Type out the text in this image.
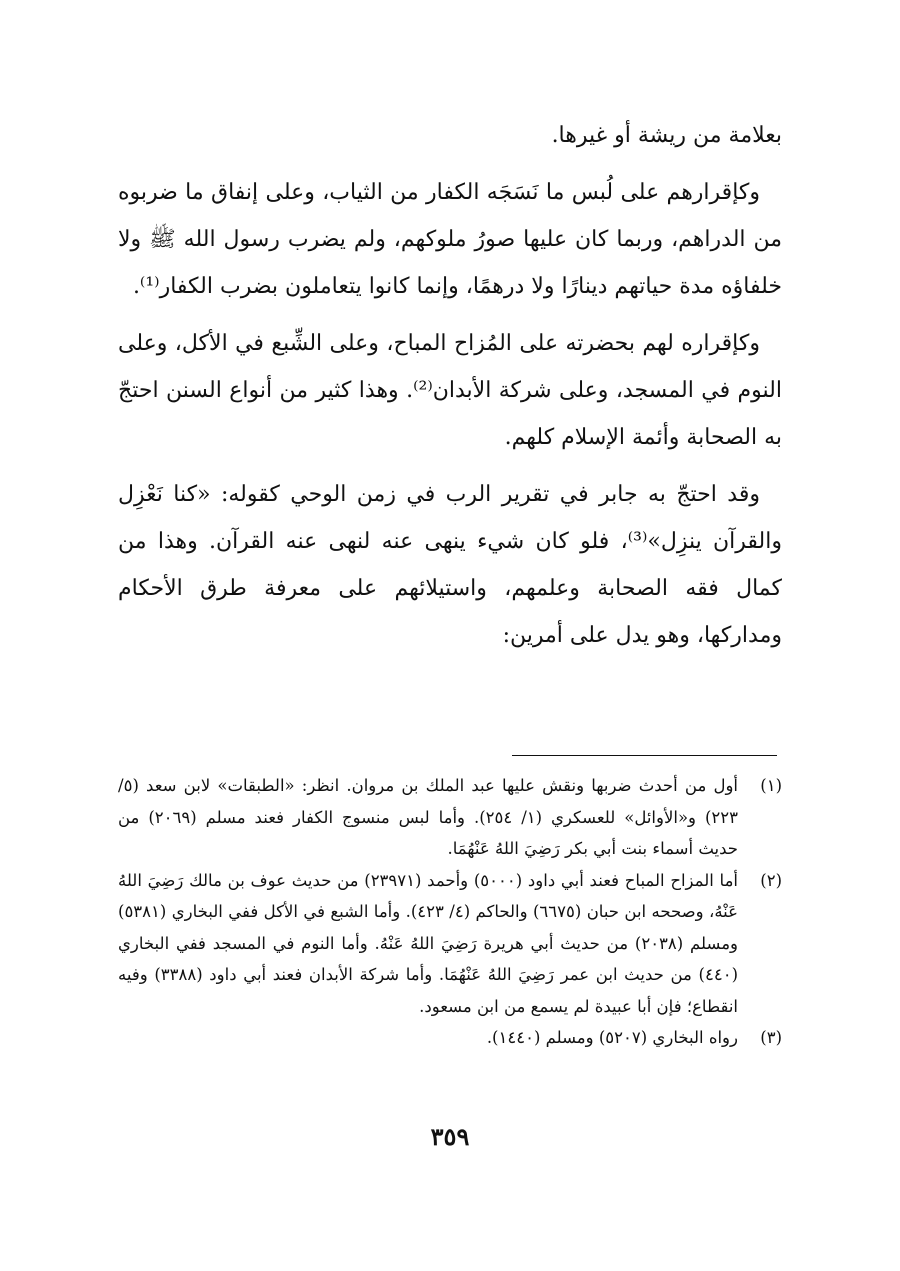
بعلامة من ريشة أو غيرها.

وكإقرارهم على لُبس ما نَسَجَه الكفار من الثياب، وعلى إنفاق ما ضربوه من الدراهم، وربما كان عليها صورُ ملوكهم، ولم يضرب رسول الله ﷺ ولا خلفاؤه مدة حياتهم دينارًا ولا درهمًا، وإنما كانوا يتعاملون بضرب الكفار⁽¹⁾.

وكإقراره لهم بحضرته على المُزاح المباح، وعلى الشِّبع في الأكل، وعلى النوم في المسجد، وعلى شركة الأبدان⁽²⁾. وهذا كثير من أنواع السنن احتجّ به الصحابة وأئمة الإسلام كلهم.

وقد احتجّ به جابر في تقرير الرب في زمن الوحي كقوله: «كنا نَعْزِل والقرآن ينزِل»⁽³⁾، فلو كان شيء ينهى عنه لنهى عنه القرآن. وهذا من كمال فقه الصحابة وعلمهم، واستيلائهم على معرفة طرق الأحكام ومداركها، وهو يدل على أمرين:

(١)
أول من أحدث ضربها ونقش عليها عبد الملك بن مروان. انظر: «الطبقات» لابن سعد (٥/ ٢٢٣) و«الأوائل» للعسكري (١/ ٢٥٤). وأما لبس منسوج الكفار فعند مسلم (٢٠٦٩) من حديث أسماء بنت أبي بكر رَضِيَ اللهُ عَنْهُمَا.
(٢)
أما المزاح المباح فعند أبي داود (٥٠٠٠) وأحمد (٢٣٩٧١) من حديث عوف بن مالك رَضِيَ اللهُ عَنْهُ، وصححه ابن حبان (٦٦٧٥) والحاكم (٤/ ٤٢٣). وأما الشبع في الأكل ففي البخاري (٥٣٨١) ومسلم (٢٠٣٨) من حديث أبي هريرة رَضِيَ اللهُ عَنْهُ. وأما النوم في المسجد ففي البخاري (٤٤٠) من حديث ابن عمر رَضِيَ اللهُ عَنْهُمَا. وأما شركة الأبدان فعند أبي داود (٣٣٨٨) وفيه انقطاع؛ فإن أبا عبيدة لم يسمع من ابن مسعود.
(٣)
رواه البخاري (٥٢٠٧) ومسلم (١٤٤٠).
٣٥٩
